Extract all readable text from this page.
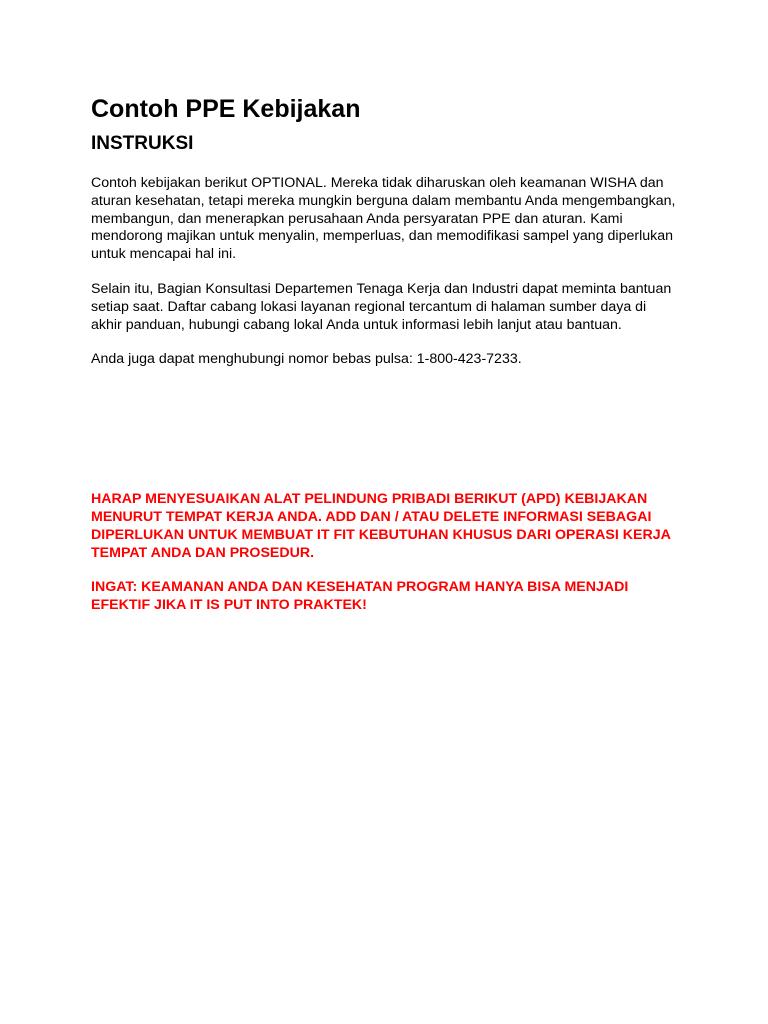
Contoh PPE Kebijakan
INSTRUKSI

Contoh kebijakan berikut OPTIONAL. Mereka tidak diharuskan oleh keamanan WISHA dan aturan kesehatan, tetapi mereka mungkin berguna dalam membantu Anda mengembangkan, membangun, dan menerapkan perusahaan Anda persyaratan PPE dan aturan. Kami mendorong majikan untuk menyalin, memperluas, dan memodifikasi sampel yang diperlukan untuk mencapai hal ini.

Selain itu, Bagian Konsultasi Departemen Tenaga Kerja dan Industri dapat meminta bantuan setiap saat. Daftar cabang lokasi layanan regional tercantum di halaman sumber daya di akhir panduan, hubungi cabang lokal Anda untuk informasi lebih lanjut atau bantuan.

Anda juga dapat menghubungi nomor bebas pulsa: 1-800-423-7233.

HARAP MENYESUAIKAN ALAT PELINDUNG PRIBADI BERIKUT (APD) KEBIJAKAN MENURUT TEMPAT KERJA ANDA. ADD DAN / ATAU DELETE INFORMASI SEBAGAI DIPERLUKAN UNTUK MEMBUAT IT FIT KEBUTUHAN KHUSUS DARI OPERASI KERJA TEMPAT ANDA DAN PROSEDUR.

INGAT: KEAMANAN ANDA DAN KESEHATAN PROGRAM HANYA BISA MENJADI EFEKTIF JIKA IT IS PUT INTO PRAKTEK!
